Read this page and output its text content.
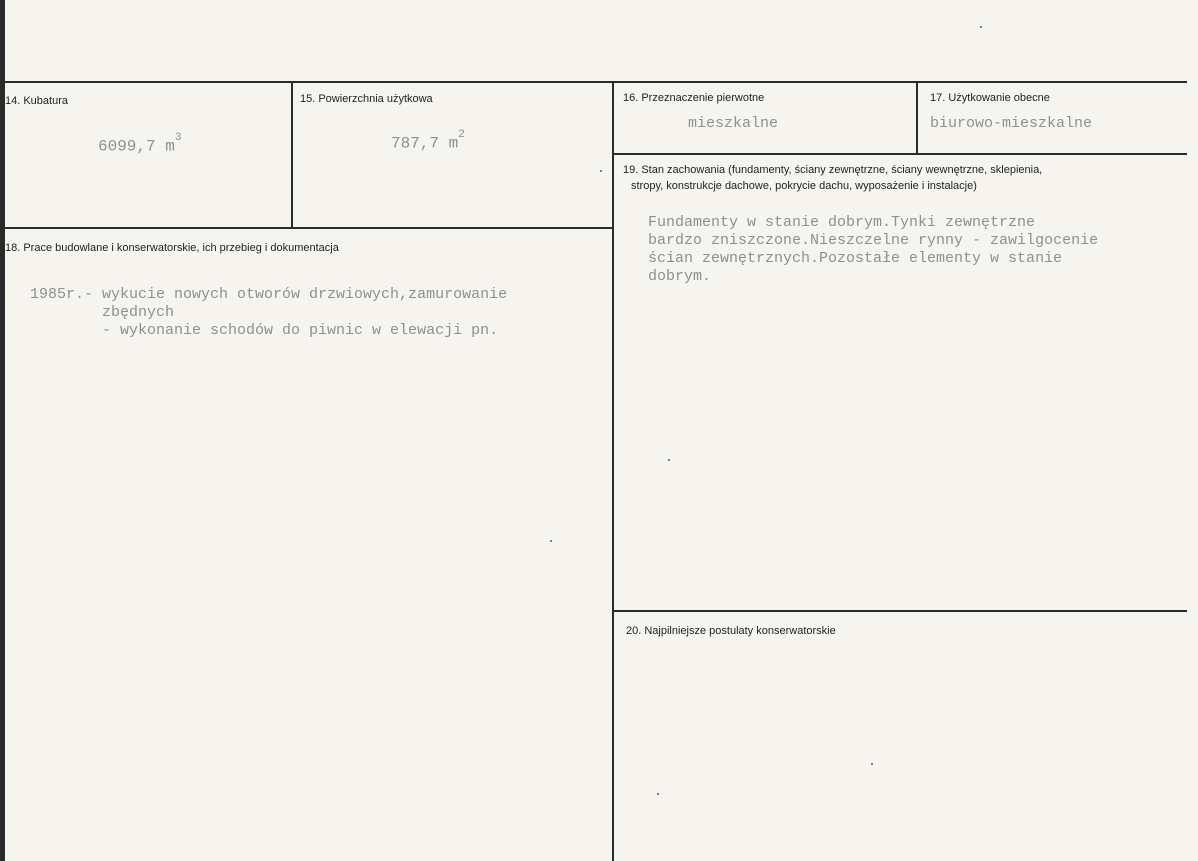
14. Kubatura
6099,7 $m^3$
15. Powierzchnia użytkowa
787,7 $m^2$
16. Przeznaczenie pierwotne
mieszkalne
17. Użytkowanie obecne
biurowo-mieszkalne
19. Stan zachowania (fundamenty, ściany zewnętrzne, ściany wewnętrzne, sklepienia,
stropy, konstrukcje dachowe, pokrycie dachu, wyposażenie i instalacje)
Fundamenty w stanie dobrym.Tynki zewnętrzne
bardzo zniszczone.Nieszczelne rynny - zawilgocenie
ścian zewnętrznych.Pozostałe elementy w stanie
dobrym.
18. Prace budowlane i konserwatorskie, ich przebieg i dokumentacja
1985r.- wykucie nowych otworów drzwiowych,zamurowanie
zbędnych
- wykonanie schodów do piwnic w elewacji pn.
20. Najpilniejsze postulaty konserwatorskie
